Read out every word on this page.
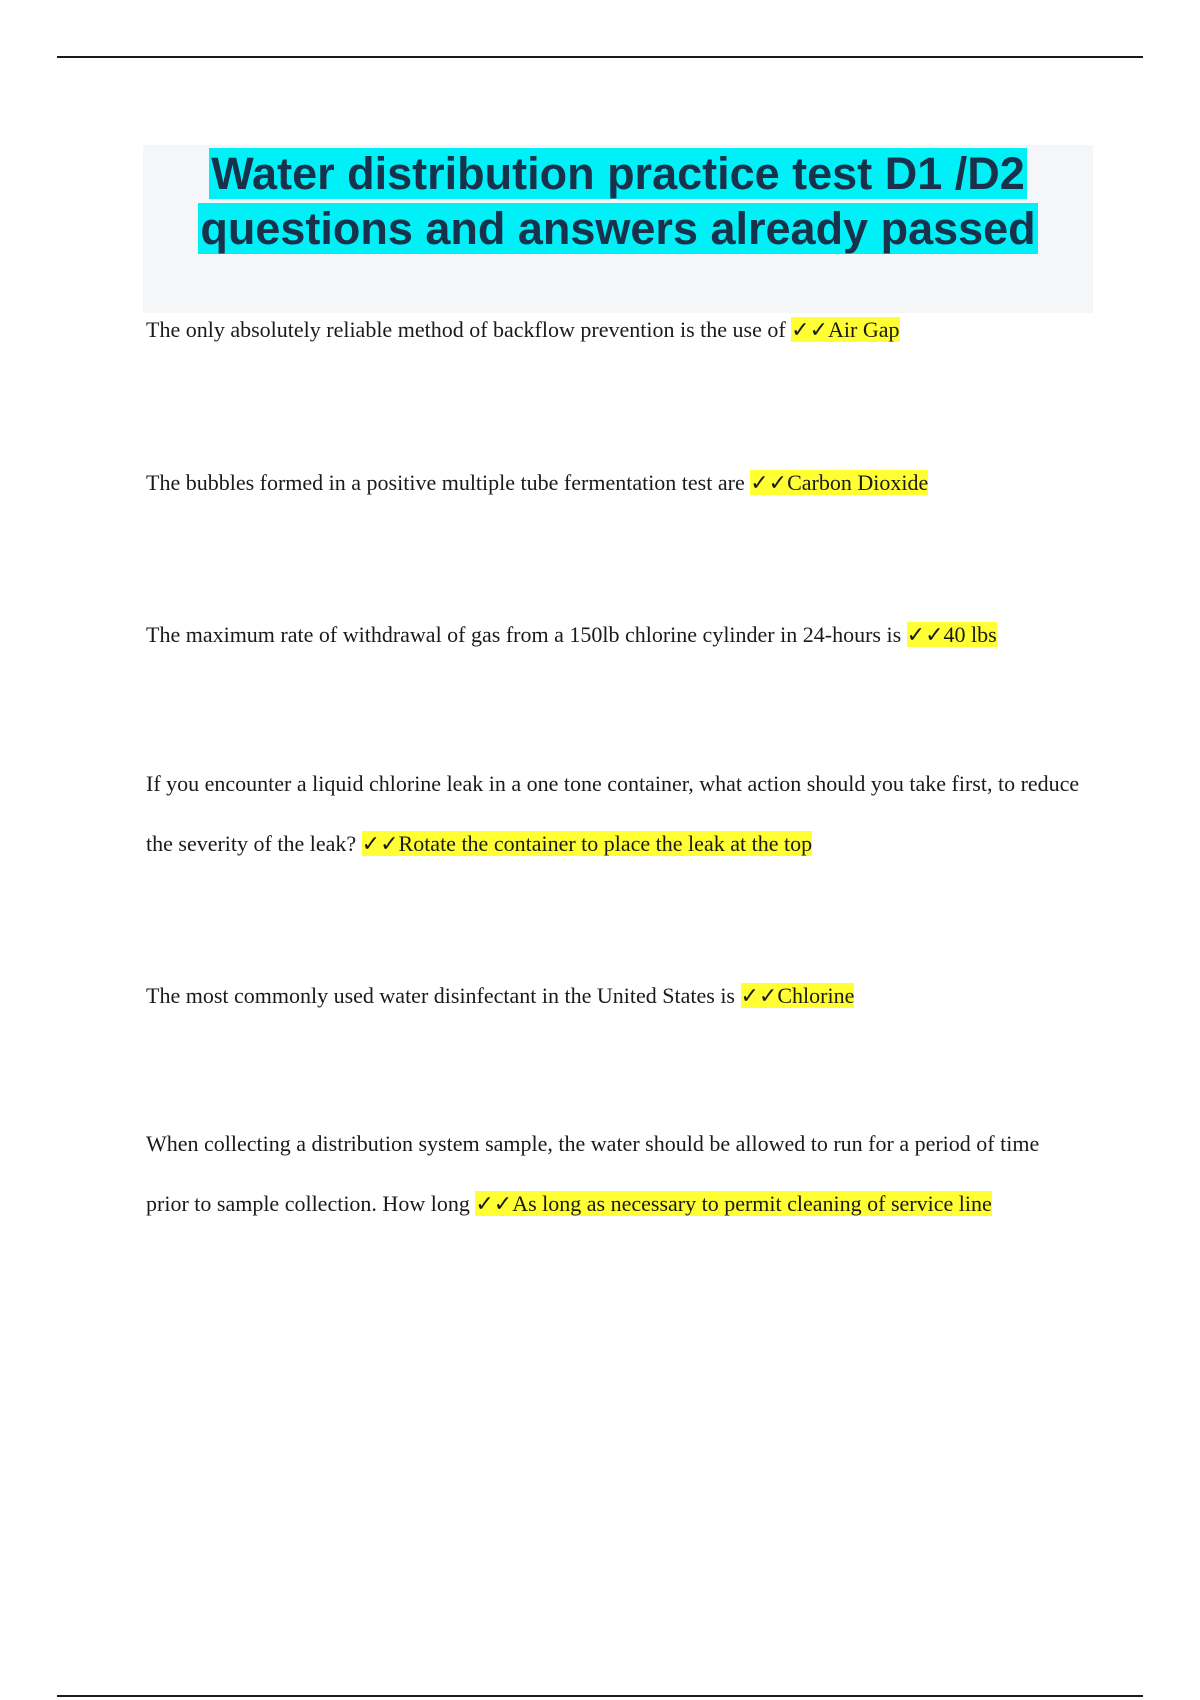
Water distribution practice test D1 /D2
questions and answers already passed

The only absolutely reliable method of backflow prevention is the use of ✓✓Air Gap

The bubbles formed in a positive multiple tube fermentation test are ✓✓Carbon Dioxide

The maximum rate of withdrawal of gas from a 150lb chlorine cylinder in 24-hours is ✓✓40 lbs

If you encounter a liquid chlorine leak in a one tone container, what action should you take first, to reduce the severity of the leak? ✓✓Rotate the container to place the leak at the top

The most commonly used water disinfectant in the United States is ✓✓Chlorine

When collecting a distribution system sample, the water should be allowed to run for a period of time prior to sample collection. How long ✓✓As long as necessary to permit cleaning of service line
